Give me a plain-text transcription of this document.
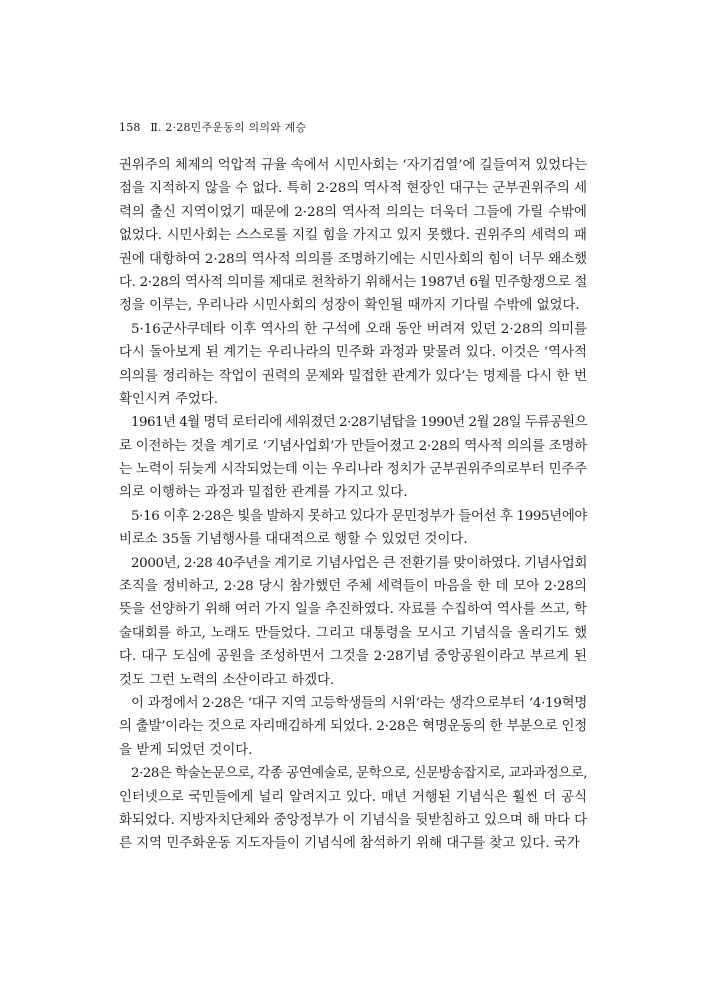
158 Ⅱ. 2·28민주운동의 의의와 계승
권위주의 체제의 억압적 규율 속에서 시민사회는 ‘자기검열’에 길들여져 있었다는
점을 지적하지 않을 수 없다. 특히 2·28의 역사적 현장인 대구는 군부권위주의 세
력의 출신 지역이었기 때문에 2·28의 역사적 의의는 더욱더 그들에 가릴 수밖에
없었다. 시민사회는 스스로를 지킬 힘을 가지고 있지 못했다. 권위주의 세력의 패
권에 대항하여 2·28의 역사적 의의를 조명하기에는 시민사회의 힘이 너무 왜소했
다. 2·28의 역사적 의미를 제대로 천착하기 위해서는 1987년 6월 민주항쟁으로 절
정을 이루는, 우리나라 시민사회의 성장이 확인될 때까지 기다릴 수밖에 없었다.
5·16군사쿠데타 이후 역사의 한 구석에 오래 동안 버려져 있던 2·28의 의미를
다시 돌아보게 된 계기는 우리나라의 민주화 과정과 맞물려 있다. 이것은 ‘역사적
의의를 정리하는 작업이 권력의 문제와 밀접한 관계가 있다’는 명제를 다시 한 번
확인시켜 주었다.
1961년 4월 명덕 로터리에 세워졌던 2·28기념탑을 1990년 2월 28일 두류공원으
로 이전하는 것을 계기로 ‘기념사업회’가 만들어졌고 2·28의 역사적 의의를 조명하
는 노력이 뒤늦게 시작되었는데 이는 우리나라 정치가 군부권위주의로부터 민주주
의로 이행하는 과정과 밀접한 관계를 가지고 있다.
5·16 이후 2·28은 빛을 발하지 못하고 있다가 문민정부가 들어선 후 1995년에야
비로소 35돌 기념행사를 대대적으로 행할 수 있었던 것이다.
2000년, 2·28 40주년을 계기로 기념사업은 큰 전환기를 맞이하였다. 기념사업회
조직을 정비하고, 2·28 당시 참가했던 주체 세력들이 마음을 한 데 모아 2·28의
뜻을 선양하기 위해 여러 가지 일을 추진하였다. 자료를 수집하여 역사를 쓰고, 학
술대회를 하고, 노래도 만들었다. 그리고 대통령을 모시고 기념식을 올리기도 했
다. 대구 도심에 공원을 조성하면서 그것을 2·28기념 중앙공원이라고 부르게 된
것도 그런 노력의 소산이라고 하겠다.
이 과정에서 2·28은 ‘대구 지역 고등학생들의 시위’라는 생각으로부터 ‘4·19혁명
의 출발’이라는 것으로 자리매김하게 되었다. 2·28은 혁명운동의 한 부분으로 인정
을 받게 되었던 것이다.
2·28은 학술논문으로, 각종 공연예술로, 문학으로, 신문방송잡지로, 교과과정으로,
인터넷으로 국민들에게 널리 알려지고 있다. 매년 거행된 기념식은 훨씬 더 공식
화되었다. 지방자치단체와 중앙정부가 이 기념식을 뒷받침하고 있으며 해 마다 다
른 지역 민주화운동 지도자들이 기념식에 참석하기 위해 대구를 찾고 있다. 국가
